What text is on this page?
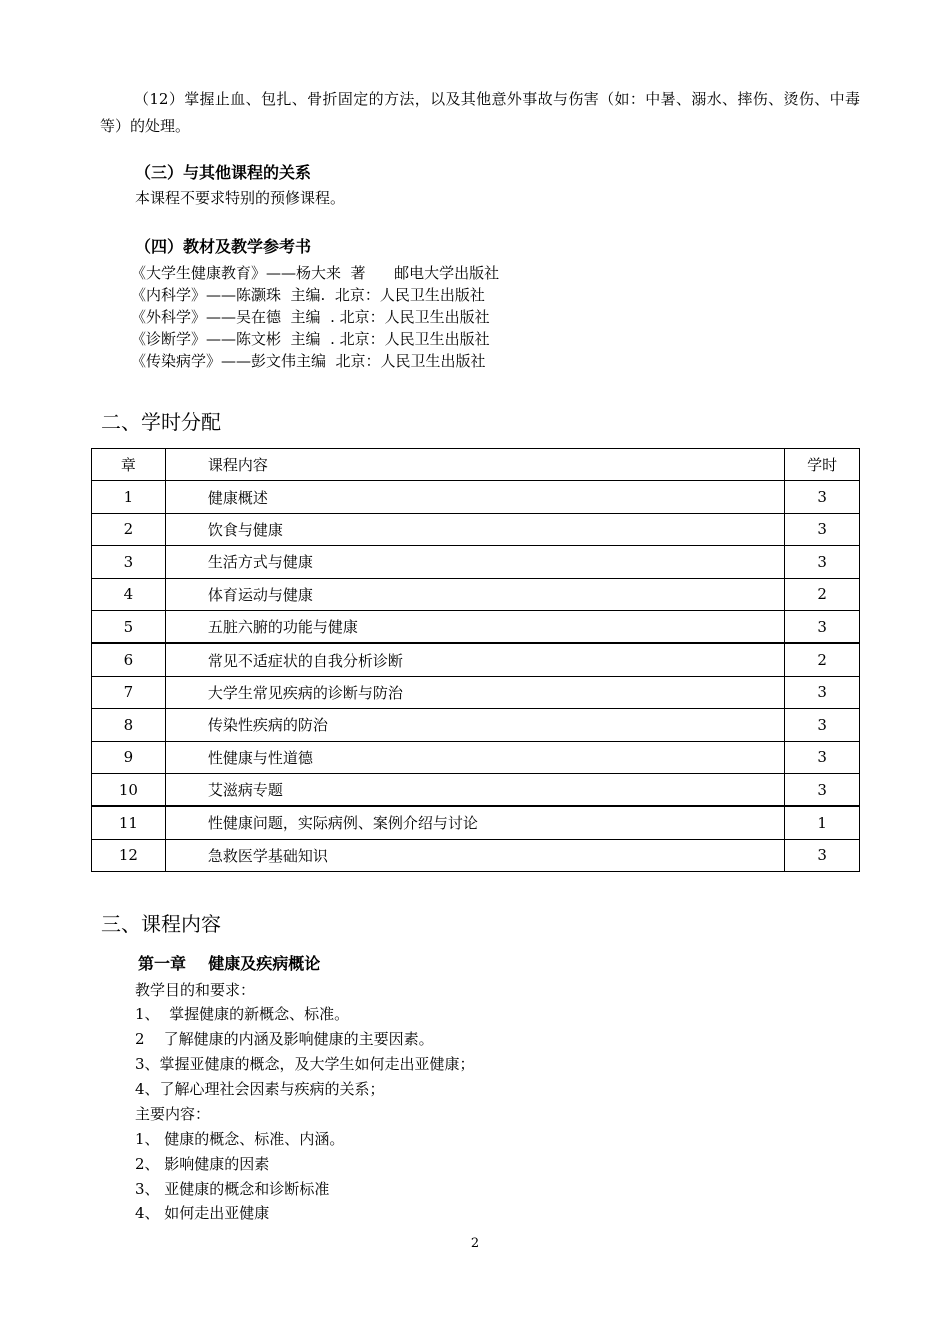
（12）掌握止血、包扎、骨折固定的方法，以及其他意外事故与伤害（如：中暑、溺水、摔伤、烫伤、中毒等）的处理。
（三）与其他课程的关系
本课程不要求特别的预修课程。
（四）教材及教学参考书
《大学生健康教育》——杨大来  著      邮电大学出版社
《内科学》——陈灏珠  主编.  北京：人民卫生出版社
《外科学》——吴在德  主编  . 北京：人民卫生出版社
《诊断学》——陈文彬  主编  . 北京：人民卫生出版社
《传染病学》——彭文伟主编  北京：人民卫生出版社
二、学时分配
章	课程内容	学时
1	健康概述	3
2	饮食与健康	3
3	生活方式与健康	3
4	体育运动与健康	2
5	五脏六腑的功能与健康	3
6	常见不适症状的自我分析诊断	2
7	大学生常见疾病的诊断与防治	3
8	传染性疾病的防治	3
9	性健康与性道德	3
10	艾滋病专题	3
11	性健康问题，实际病例、案例介绍与讨论	1
12	急救医学基础知识	3
三、课程内容
第一章    健康及疾病概论
教学目的和要求：
1、  掌握健康的新概念、标准。
2    了解健康的内涵及影响健康的主要因素。
3、掌握亚健康的概念，及大学生如何走出亚健康；
4、了解心理社会因素与疾病的关系；
主要内容：
1、 健康的概念、标准、内涵。
2、 影响健康的因素
3、 亚健康的概念和诊断标准
4、 如何走出亚健康
2
